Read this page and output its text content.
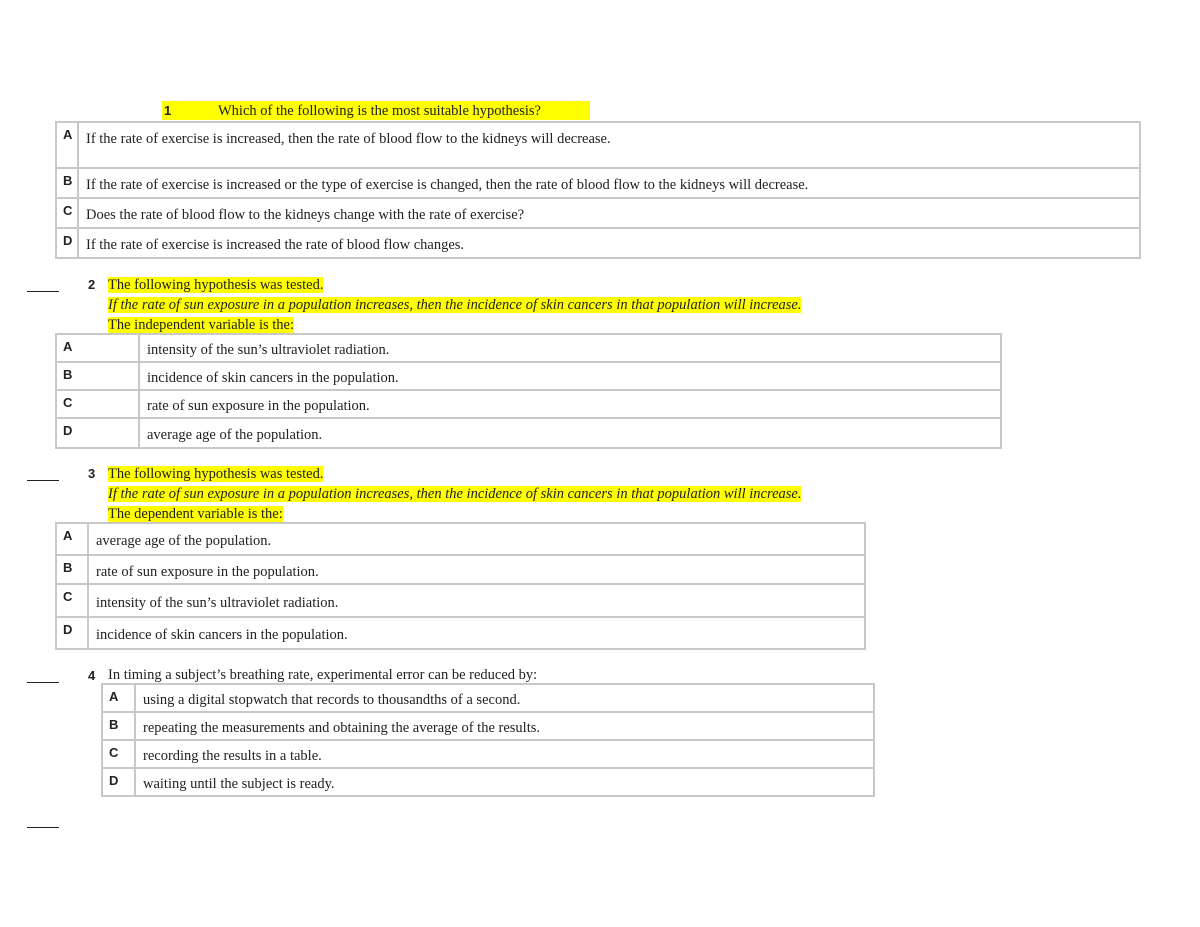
1	Which of the following is the most suitable hypothesis?
A	If the rate of exercise is increased, then the rate of blood flow to the kidneys will decrease.
B	If the rate of exercise is increased or the type of exercise is changed, then the rate of blood flow to the kidneys will decrease.
C	Does the rate of blood flow to the kidneys change with the rate of exercise?
D	If the rate of exercise is increased the rate of blood flow changes.
2 The following hypothesis was tested.
If the rate of sun exposure in a population increases, then the incidence of skin cancers in that population will increase.
The independent variable is the:
A	intensity of the sun’s ultraviolet radiation.
B	incidence of skin cancers in the population.
C	rate of sun exposure in the population.
D	average age of the population.
3 The following hypothesis was tested.
If the rate of sun exposure in a population increases, then the incidence of skin cancers in that population will increase.
The dependent variable is the:
A	average age of the population.
B	rate of sun exposure in the population.
C	intensity of the sun’s ultraviolet radiation.
D	incidence of skin cancers in the population.
4 In timing a subject’s breathing rate, experimental error can be reduced by:
A	using a digital stopwatch that records to thousandths of a second.
B	repeating the measurements and obtaining the average of the results.
C	recording the results in a table.
D	waiting until the subject is ready.
